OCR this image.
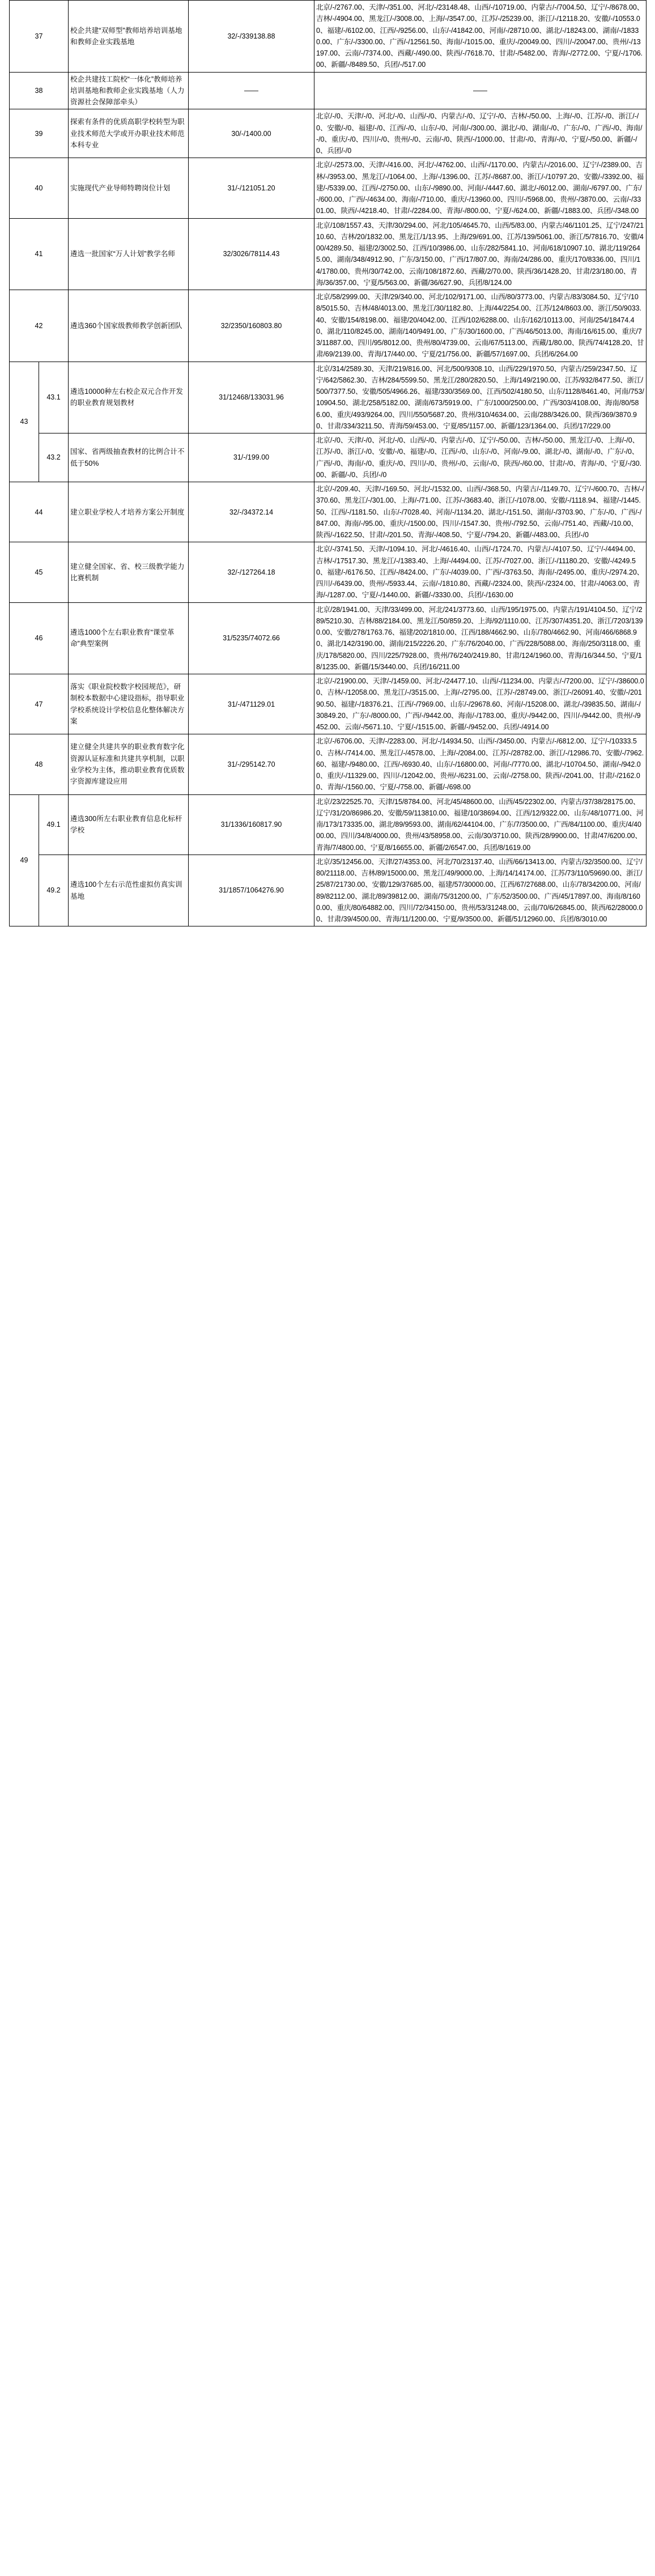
37		校企共建“双师型”教师培养培训基地和教师企业实践基地	32/-/339138.88	北京/-/2767.00、天津/-/351.00、河北/-/23148.48、山西/-/10719.00、内蒙古/-/7004.50、辽宁/-/8678.00、吉林/-/4904.00、黑龙江/-/3008.00、上海/-/3547.00、江苏/-/25239.00、浙江/-/12118.20、安徽/-/10553.00、福建/-/6102.00、江西/-/9256.00、山东/-/41842.00、河南/-/28710.00、湖北/-/18243.00、湖南/-/18330.00、广东/-/3300.00、广西/-/12561.50、海南/-/1015.00、重庆/-/20049.00、四川/-/20047.00、贵州/-/13197.00、云南/-/7374.00、西藏/-/490.00、陕西/-/7618.70、甘肃/-/5482.00、青海/-/2772.00、宁夏/-/1706.00、新疆/-/8489.50、兵团/-/517.00
38		校企共建技工院校“一体化”教师培养培训基地和教师企业实践基地（人力资源社会保障部牵头）	——	——
39		探索有条件的优质高职学校转型为职业技术师范大学或开办职业技术师范本科专业	30/-/1400.00	北京/-/0、天津/-/0、河北/-/0、山西/-/0、内蒙古/-/0、辽宁/-/0、吉林/-/50.00、上海/-/0、江苏/-/0、浙江/-/0、安徽/-/0、福建/-/0、江西/-/0、山东/-/0、河南/-/300.00、湖北/-/0、湖南/-/0、广东/-/0、广西/-/0、海南/-/0、重庆/-/0、四川/-/0、贵州/-/0、云南/-/0、陕西/-/1000.00、甘肃/-/0、青海/-/0、宁夏/-/50.00、新疆/-/0、兵团/-/0
40		实施现代产业导师特聘岗位计划	31/-/121051.20	北京/-/2573.00、天津/-/416.00、河北/-/4762.00、山西/-/1170.00、内蒙古/-/2016.00、辽宁/-/2389.00、吉林/-/3953.00、黑龙江/-/1064.00、上海/-/1396.00、江苏/-/8687.00、浙江/-/10797.20、安徽/-/3392.00、福建/-/5339.00、江西/-/2750.00、山东/-/9890.00、河南/-/4447.60、湖北/-/6012.00、湖南/-/6797.00、广东/-/600.00、广西/-/4634.00、海南/-/710.00、重庆/-/13960.00、四川/-/5968.00、贵州/-/3870.00、云南/-/3301.00、陕西/-/4218.40、甘肃/-/2284.00、青海/-/800.00、宁夏/-/624.00、新疆/-/1883.00、兵团/-/348.00
41		遴选一批国家“万人计划”教学名师	32/3026/78114.43	北京/108/1557.43、天津/30/294.00、河北/105/4645.70、山西/5/83.00、内蒙古/46/1101.25、辽宁/247/2110.60、吉林/20/1832.00、黑龙江/1/13.95、上海/29/691.00、江苏/139/5061.00、浙江/5/7816.70、安徽/400/4289.50、福建/2/3002.50、江西/10/3986.00、山东/282/5841.10、河南/618/10907.10、湖北/119/2645.00、湖南/348/4912.90、广东/3/150.00、广西/17/807.00、海南/24/286.00、重庆/170/8336.00、四川/14/1780.00、贵州/30/742.00、云南/108/1872.60、西藏/2/70.00、陕西/36/1428.20、甘肃/23/180.00、青海/36/357.00、宁夏/5/563.00、新疆/36/627.90、兵团/8/124.00
42		遴选360个国家级教师教学创新团队	32/2350/160803.80	北京/58/2999.00、天津/29/340.00、河北/102/9171.00、山西/80/3773.00、内蒙古/83/3084.50、辽宁/108/5015.50、吉林/48/4013.00、黑龙江/30/1182.80、上海/44/2254.00、江苏/124/8603.00、浙江/50/9033.40、安徽/154/8198.00、福建/20/4042.00、江西/102/6288.00、山东/162/10113.00、河南/254/18474.40、湖北/110/8245.00、湖南/140/9491.00、广东/30/1600.00、广西/46/5013.00、海南/16/615.00、重庆/73/11887.00、四川/95/8012.00、贵州/80/4739.00、云南/67/5113.00、西藏/1/80.00、陕西/74/4128.20、甘肃/69/2139.00、青海/17/440.00、宁夏/21/756.00、新疆/57/1697.00、兵团/6/264.00
43	43.1	遴选10000种左右校企双元合作开发的职业教育规划教材	31/12468/133031.96	北京/314/2589.30、天津/219/816.00、河北/500/9308.10、山西/229/1970.50、内蒙古/259/2347.50、辽宁/642/5862.30、吉林/284/5599.50、黑龙江/280/2820.50、上海/149/2190.00、江苏/932/8477.50、浙江/500/7377.50、安徽/505/4966.26、福建/330/3569.00、江西/502/4180.50、山东/1128/8461.40、河南/753/10904.50、湖北/258/5182.00、湖南/673/5919.00、广东/1000/2500.00、广西/303/4108.00、海南/80/586.00、重庆/493/9264.00、四川/550/5687.20、贵州/310/4634.00、云南/288/3426.00、陕西/369/3870.90、甘肃/334/3211.50、青海/59/453.00、宁夏/85/1157.00、新疆/123/1364.00、兵团/17/229.00
	43.2	国家、省两级抽查教材的比例合计不低于50%	31/-/199.00	北京/-/0、天津/-/0、河北/-/0、山西/-/0、内蒙古/-/0、辽宁/-/50.00、吉林/-/50.00、黑龙江/-/0、上海/-/0、江苏/-/0、浙江/-/0、安徽/-/0、福建/-/0、江西/-/0、山东/-/0、河南/-/9.00、湖北/-/0、湖南/-/0、广东/-/0、广西/-/0、海南/-/0、重庆/-/0、四川/-/0、贵州/-/0、云南/-/0、陕西/-/60.00、甘肃/-/0、青海/-/0、宁夏/-/30.00、新疆/-/0、兵团/-/0
44		建立职业学校人才培养方案公开制度	32/-/34372.14	北京/-/209.40、天津/-/169.50、河北/-/1532.00、山西/-/368.50、内蒙古/-/1149.70、辽宁/-/600.70、吉林/-/370.60、黑龙江/-/301.00、上海/-/71.00、江苏/-/3683.40、浙江/-/1078.00、安徽/-/1118.94、福建/-/1445.50、江西/-/1181.50、山东/-/7028.40、河南/-/1134.20、湖北/-/151.50、湖南/-/3703.90、广东/-/0、广西/-/847.00、海南/-/95.00、重庆/-/1500.00、四川/-/1547.30、贵州/-/792.50、云南/-/751.40、西藏/-/10.00、陕西/-/1622.50、甘肃/-/201.50、青海/-/408.50、宁夏/-/794.20、新疆/-/483.00、兵团/-/0
45		建立健全国家、省、校三级教学能力比赛机制	32/-/127264.18	北京/-/3741.50、天津/-/1094.10、河北/-/4616.40、山西/-/1724.70、内蒙古/-/4107.50、辽宁/-/4494.00、吉林/-/17517.30、黑龙江/-/1383.40、上海/-/4494.00、江苏/-/7027.00、浙江/-/11180.20、安徽/-/4249.50、福建/-/6176.50、江西/-/8424.00、广东/-/4039.00、广西/-/3763.50、海南/-/2495.00、重庆/-/2974.20、四川/-/6439.00、贵州/-/5933.44、云南/-/1810.80、西藏/-/2324.00、陕西/-/2324.00、甘肃/-/4063.00、青海/-/1287.00、宁夏/-/1440.00、新疆/-/3330.00、兵团/-/1630.00
46		遴选1000个左右职业教育“课堂革命”典型案例	31/5235/74072.66	北京/28/1941.00、天津/33/499.00、河北/241/3773.60、山西/195/1975.00、内蒙古/191/4104.50、辽宁/289/5210.30、吉林/88/2184.00、黑龙江/50/859.20、上海/92/1110.00、江苏/307/4351.20、浙江/7203/1390.00、安徽/278/1763.76、福建/202/1810.00、江西/188/4662.90、山东/780/4662.90、河南/466/6868.90、湖北/142/3190.00、湖南/215/2226.20、广东/76/2040.00、广西/228/5088.00、海南/250/3118.00、重庆/178/5820.00、四川/225/7928.00、贵州/76/240/2419.80、甘肃/124/1960.00、青海/16/344.50、宁夏/18/1235.00、新疆/15/3440.00、兵团/16/211.00
47		落实《职业院校数字校园规范》，研制校本数据中心建设指标，指导职业学校系统设计学校信息化整体解决方案	31/-/471129.01	北京/-/21900.00、天津/-/1459.00、河北/-/24477.10、山西/-/11234.00、内蒙古/-/7200.00、辽宁/-/38600.00、吉林/-/12058.00、黑龙江/-/3515.00、上海/-/2795.00、江苏/-/28749.00、浙江/-/26091.40、安徽/-/20190.50、福建/-/18376.21、江西/-/7969.00、山东/-/29678.60、河南/-/15208.00、湖北/-/39835.50、湖南/-/30849.20、广东/-/8000.00、广西/-/9442.00、海南/-/1783.00、重庆/-/9442.00、四川/-/9442.00、贵州/-/9452.00、云南/-/5671.10、宁夏/-/1515.00、新疆/-/9452.00、兵团/-/4914.00
48		建立健全共建共享的职业教育数字化资源认证标准和共建共享机制，以职业学校为主体，推动职业教育优质数字资源库建设应用	31/-/295142.70	北京/-/6706.00、天津/-/2283.00、河北/-/14934.50、山西/-/3450.00、内蒙古/-/6812.00、辽宁/-/10333.50、吉林/-/7414.00、黑龙江/-/4578.00、上海/-/2084.00、江苏/-/28782.00、浙江/-/12986.70、安徽/-/7962.60、福建/-/9480.00、江西/-/6930.40、山东/-/16800.00、河南/-/7770.00、湖北/-/10704.50、湖南/-/942.00、重庆/-/11329.00、四川/-/12042.00、贵州/-/6231.00、云南/-/2758.00、陕西/-/2041.00、甘肃/-/2162.00、青海/-/1560.00、宁夏/-/758.00、新疆/-/698.00
49	49.1	遴选300所左右职业教育信息化标杆学校	31/1336/160817.90	北京/23/22525.70、天津/15/8784.00、河北/45/48600.00、山西/45/22302.00、内蒙古/37/38/28175.00、辽宁/31/20/86986.20、安徽/59/113810.00、福建/10/38694.00、江西/12/9322.00、山东/48/10771.00、河南/173/173335.00、湖北/89/9593.00、湖南/62/44104.00、广东/7/3500.00、广西/84/1100.00、重庆/4/4000.00、四川/34/8/4000.00、贵州/43/58958.00、云南/30/3710.00、陕西/28/9900.00、甘肃/47/6200.00、青海/7/4800.00、宁夏/8/16655.00、新疆/2/6547.00、兵团/8/1619.00
	49.2	遴选100个左右示范性虚拟仿真实训基地	31/1857/1064276.90	北京/35/12456.00、天津/27/4353.00、河北/70/23137.40、山西/66/13413.00、内蒙古/32/3500.00、辽宁/80/21118.00、吉林/89/15000.00、黑龙江/49/9000.00、上海/14/14174.00、江苏/73/110/59690.00、浙江/25/87/21730.00、安徽/129/37685.00、福建/57/30000.00、江西/67/27688.00、山东/78/34200.00、河南/89/82112.00、湖北/89/39812.00、湖南/75/31200.00、广东/52/3500.00、广西/45/17897.00、海南/8/1600.00、重庆/80/64882.00、四川/72/34150.00、贵州/53/31248.00、云南/70/6/26845.00、陕西/62/28000.00、甘肃/39/4500.00、青海/11/1200.00、宁夏/9/3500.00、新疆/51/12960.00、兵团/8/3010.00
